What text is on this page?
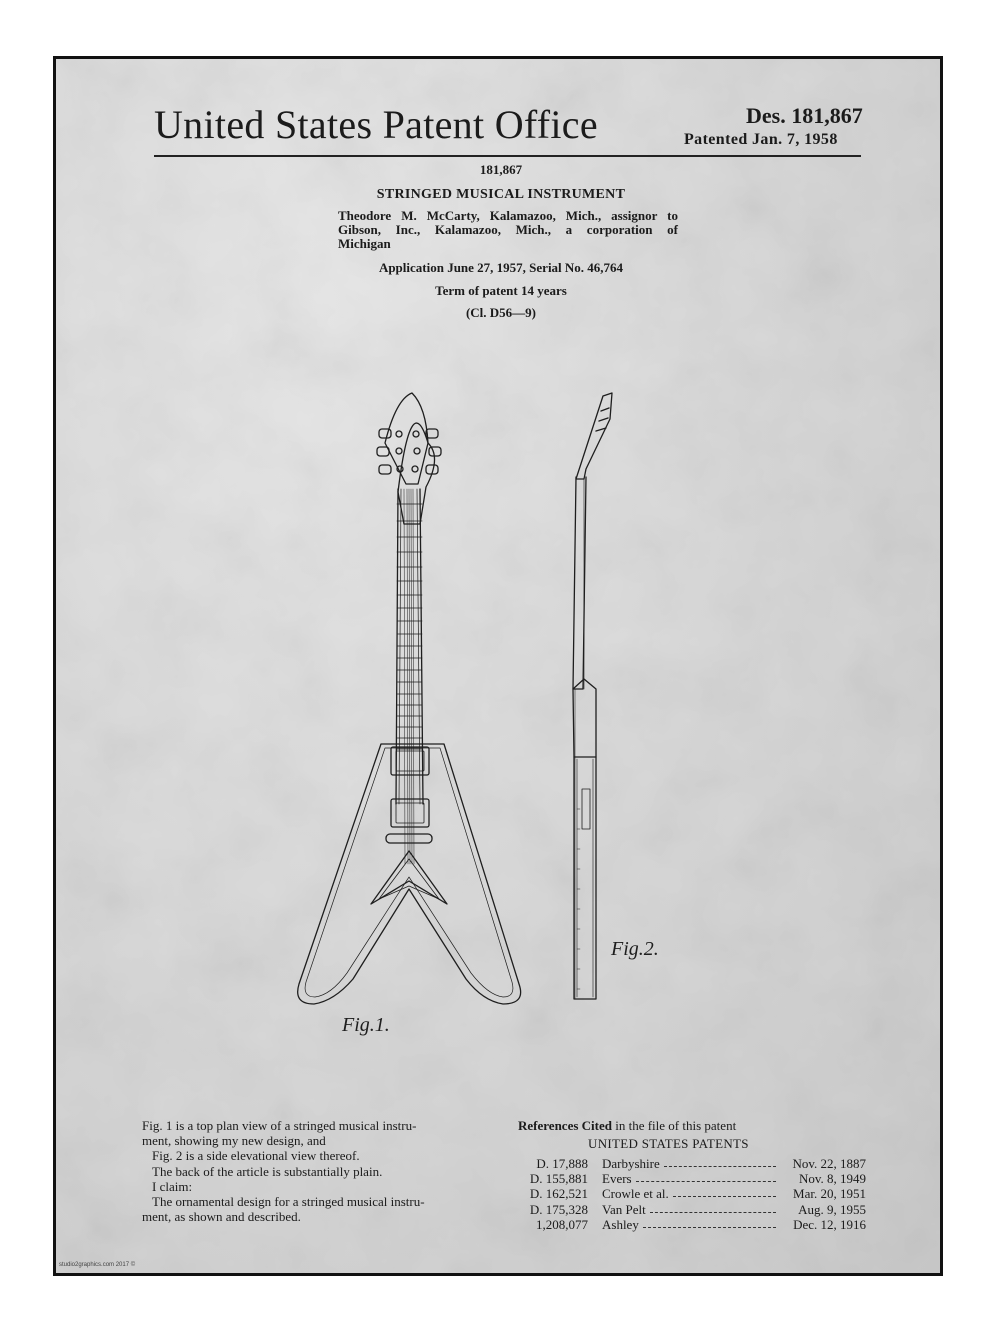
United States Patent Office	Des. 181,867
Patented Jan. 7, 1958
181,867
STRINGED MUSICAL INSTRUMENT
Theodore M. McCarty, Kalamazoo, Mich., assignor to
Gibson, Inc., Kalamazoo, Mich., a corporation of
Michigan
Application June 27, 1957, Serial No. 46,764
Term of patent 14 years
(Cl. D56—9)
Fig.1.
Fig.2.
Fig. 1 is a top plan view of a stringed musical instru-
ment, showing my new design, and
Fig. 2 is a side elevational view thereof.
The back of the article is substantially plain.
I claim:
The ornamental design for a stringed musical instru-
ment, as shown and described.
References Cited in the file of this patent
UNITED STATES PATENTS
D. 17,888 Darbyshire	Nov. 22, 1887
D. 155,881 Evers	Nov. 8, 1949
D. 162,521 Crowle et al.	Mar. 20, 1951
D. 175,328 Van Pelt	Aug. 9, 1955
1,208,077 Ashley	Dec. 12, 1916
studio2graphics.com 2017 ©
